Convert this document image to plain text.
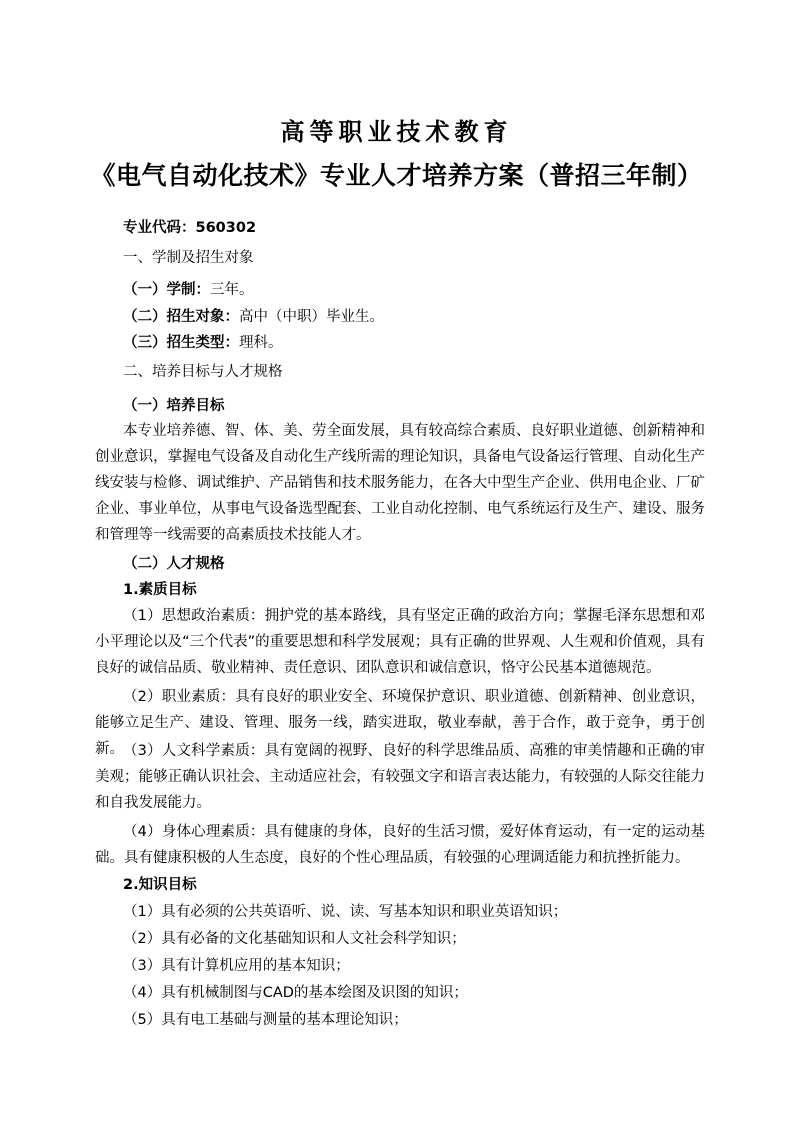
高等职业技术教育
《电气自动化技术》专业人才培养方案（普招三年制）
专业代码：560302
一、学制及招生对象
（一）学制：三年。
（二）招生对象：高中（中职）毕业生。
（三）招生类型：理科。
二、培养目标与人才规格
（一）培养目标
本专业培养德、智、体、美、劳全面发展，具有较高综合素质、良好职业道德、创新精神和创业意识，掌握电气设备及自动化生产线所需的理论知识，具备电气设备运行管理、自动化生产线安装与检修、调试维护、产品销售和技术服务能力，在各大中型生产企业、供用电企业、厂矿企业、事业单位，从事电气设备选型配套、工业自动化控制、电气系统运行及生产、建设、服务和管理等一线需要的高素质技术技能人才。
（二）人才规格
1.素质目标
（1）思想政治素质：拥护党的基本路线，具有坚定正确的政治方向；掌握毛泽东思想和邓小平理论以及“三个代表”的重要思想和科学发展观；具有正确的世界观、人生观和价值观，具有良好的诚信品质、敬业精神、责任意识、团队意识和诚信意识，恪守公民基本道德规范。
（2）职业素质：具有良好的职业安全、环境保护意识、职业道德、创新精神、创业意识，能够立足生产、建设、管理、服务一线，踏实进取，敬业奉献，善于合作，敢于竞争，勇于创新。 （3）人文科学素质：具有宽阔的视野、良好的科学思维品质、高雅的审美情趣和正确的审美观；能够正确认识社会、主动适应社会，有较强文字和语言表达能力，有较强的人际交往能力和自我发展能力。
（4）身体心理素质：具有健康的身体，良好的生活习惯，爱好体育运动，有一定的运动基础。具有健康积极的人生态度，良好的个性心理品质，有较强的心理调适能力和抗挫折能力。
2.知识目标
（1）具有必须的公共英语听、说、读、写基本知识和职业英语知识；
（2）具有必备的文化基础知识和人文社会科学知识；
（3）具有计算机应用的基本知识；
（4）具有机械制图与CAD的基本绘图及识图的知识；
（5）具有电工基础与测量的基本理论知识；
